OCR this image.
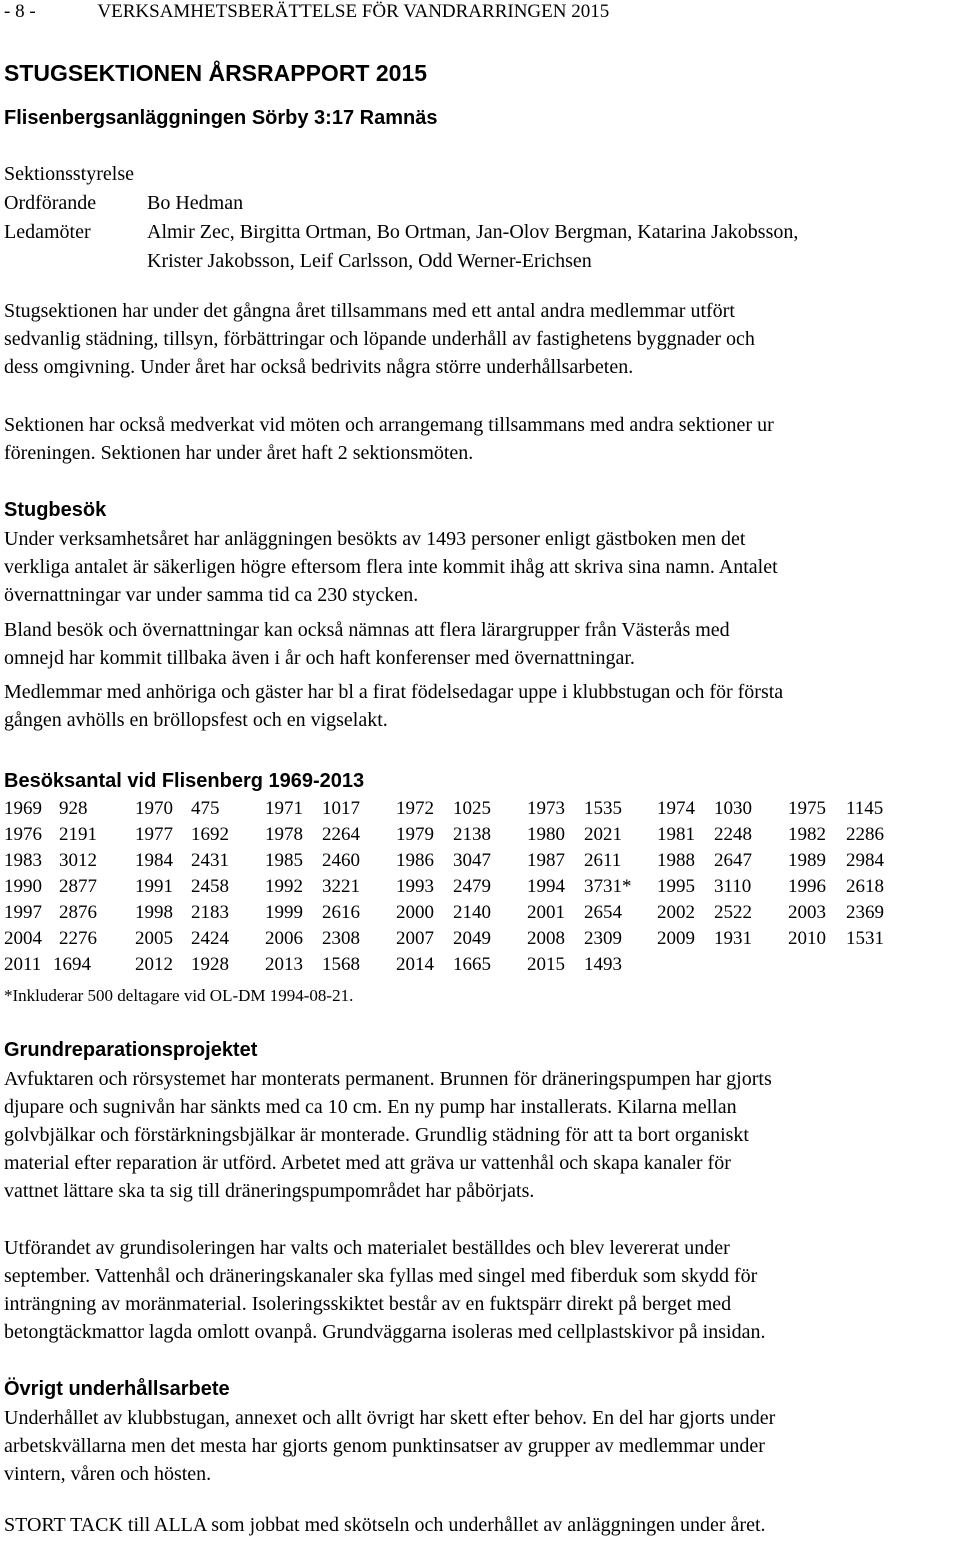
- 8 -             VERKSAMHETSBERÄTTELSE FÖR VANDRARRINGEN 2015
STUGSEKTIONEN ÅRSRAPPORT 2015
Flisenbergsanläggningen Sörby 3:17 Ramnäs
Sektionsstyrelse
Ordförande	Bo Hedman
Ledamöter	Almir Zec, Birgitta Ortman, Bo Ortman, Jan-Olov Bergman, Katarina Jakobsson,
Krister Jakobsson, Leif Carlsson, Odd Werner-Erichsen

Stugsektionen har under det gångna året tillsammans med ett antal andra medlemmar utfört

sedvanlig städning, tillsyn, förbättringar och löpande underhåll av fastighetens byggnader och

dess omgivning. Under året har också bedrivits några större underhållsarbeten.

Sektionen har också medverkat vid möten och arrangemang tillsammans med andra sektioner ur

föreningen. Sektionen har under året haft 2 sektionsmöten.

Stugbesök

Under verksamhetsåret har anläggningen besökts av 1493 personer enligt gästboken men det

verkliga antalet är säkerligen högre eftersom flera inte kommit ihåg att skriva sina namn. Antalet

övernattningar var under samma tid ca 230 stycken.

Bland besök och övernattningar kan också nämnas att flera lärargrupper från Västerås med

omnejd har kommit tillbaka även i år och haft konferenser med övernattningar.

Medlemmar med anhöriga och gäster har bl a firat födelsedagar uppe i klubbstugan och för första

gången avhölls en bröllopsfest och en vigselakt.

Besöksantal vid Flisenberg 1969-2013
1969 928	1970 475 1971 1017 1972 1025 1973 1535 1974 1030 1975 1145
1976 2191 1977 1692 1978 2264 1979 2138 1980 2021 1981 2248 1982 2286
1983 3012 1984 2431 1985 2460 1986 3047 1987 2611 1988 2647 1989 2984
1990 2877 1991 2458 1992 3221 1993 2479 1994 3731* 1995 3110 1996 2618
1997 2876 1998 2183 1999 2616 2000 2140 2001 2654 2002 2522 2003 2369
2004 2276 2005 2424 2006 2308 2007 2049 2008 2309 2009 1931 2010 1531
2011 1694 2012 1928 2013 1568 2014 1665 2015 1493
*Inkluderar 500 deltagare vid OL-DM 1994-08-21.
Grundreparationsprojektet

Avfuktaren och rörsystemet har monterats permanent. Brunnen för dräneringspumpen har gjorts

djupare och sugnivån har sänkts med ca 10 cm. En ny pump har installerats. Kilarna mellan

golvbjälkar och förstärkningsbjälkar är monterade. Grundlig städning för att ta bort organiskt

material efter reparation är utförd. Arbetet med att gräva ur vattenhål och skapa kanaler för

vattnet lättare ska ta sig till dräneringspumpområdet har påbörjats.

Utförandet av grundisoleringen har valts och materialet beställdes och blev levererat under

september. Vattenhål och dräneringskanaler ska fyllas med singel med fiberduk som skydd för

inträngning av moränmaterial. Isoleringsskiktet består av en fuktspärr direkt på berget med

betongtäckmattor lagda omlott ovanpå. Grundväggarna isoleras med cellplastskivor på insidan.

Övrigt underhållsarbete

Underhållet av klubbstugan, annexet och allt övrigt har skett efter behov. En del har gjorts under

arbetskvällarna men det mesta har gjorts genom punktinsatser av grupper av medlemmar under

vintern, våren och hösten.

STORT TACK till ALLA som jobbat med skötseln och underhållet av anläggningen under året.
